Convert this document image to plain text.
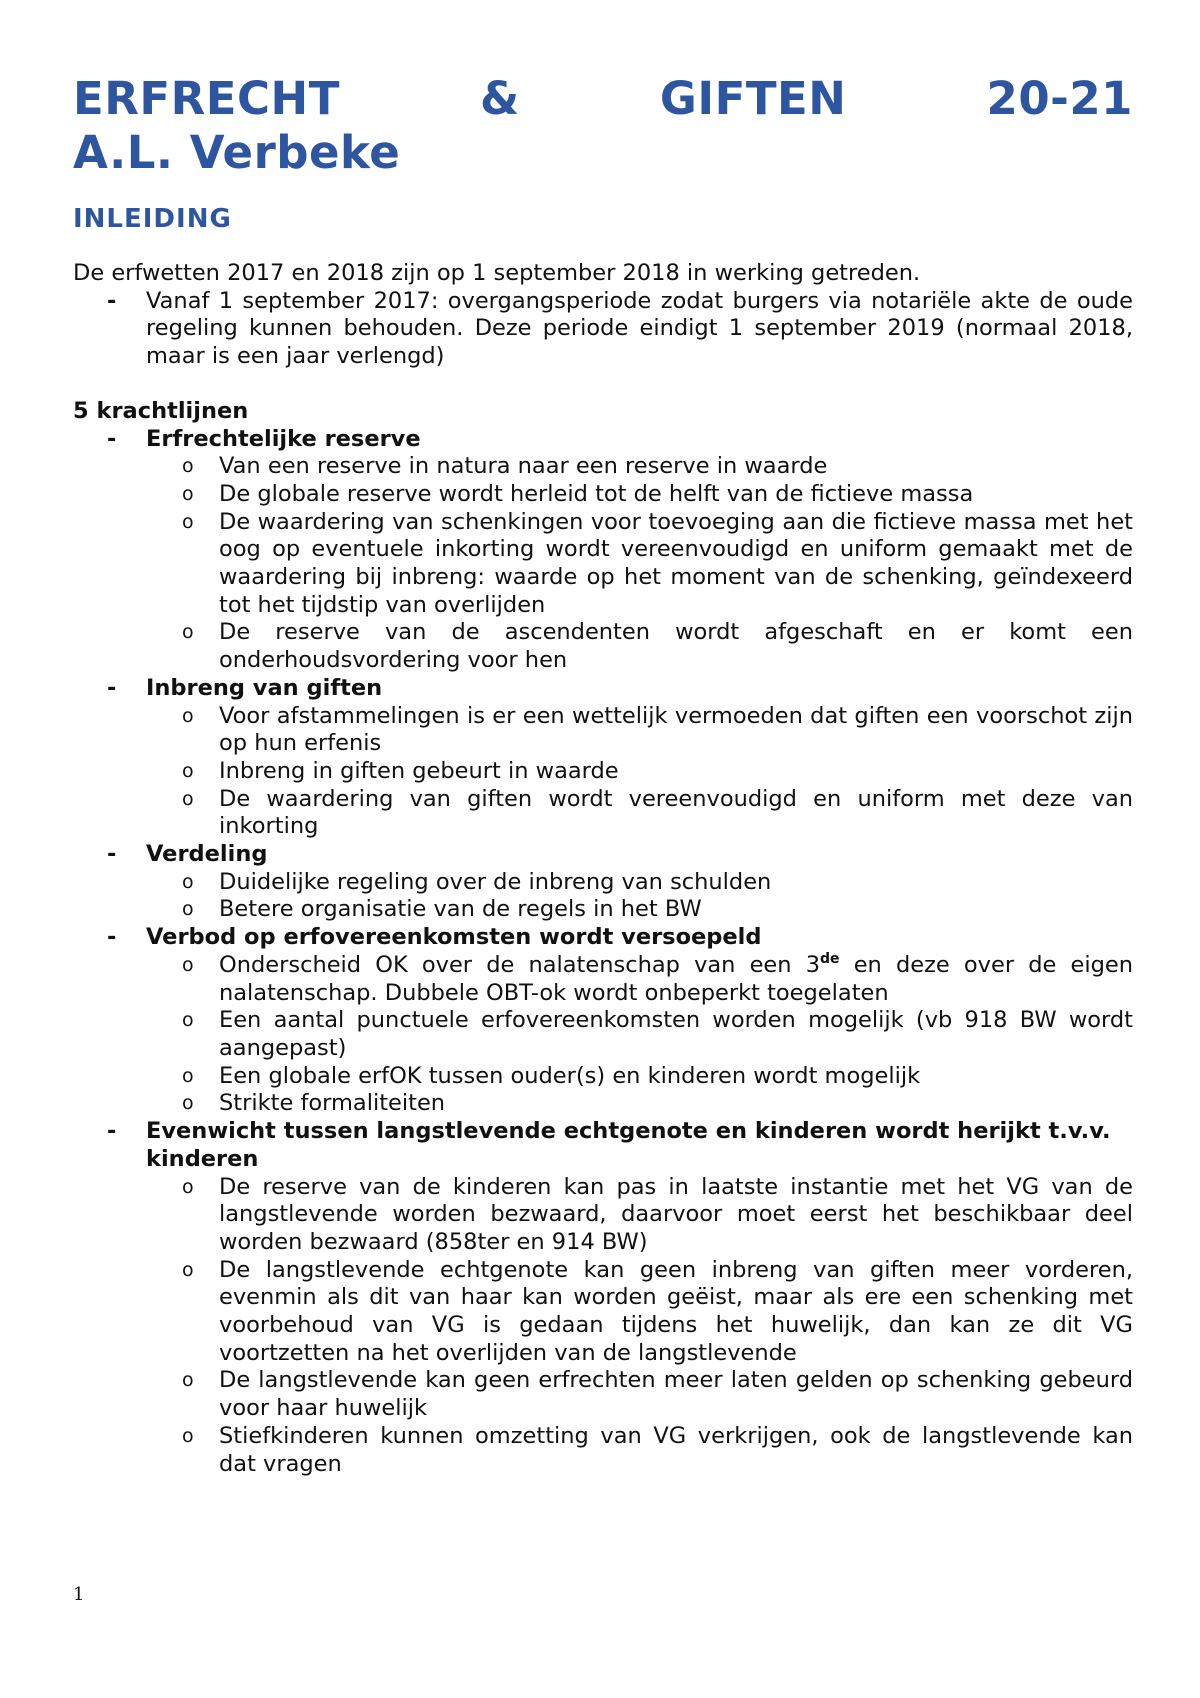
ERFRECHT	&	GIFTEN	20-21
A.L. Verbeke
INLEIDING

De erfwetten 2017 en 2018 zijn op 1 september 2018 in werking getreden.

-	Vanaf 1 september 2017: overgangsperiode zodat burgers via notariële akte de oude regeling kunnen behouden. Deze periode eindigt 1 september 2019 (normaal 2018, maar is een jaar verlengd)
5 krachtlijnen
-	Erfrechtelijke reserve
o	Van een reserve in natura naar een reserve in waarde
o	De globale reserve wordt herleid tot de helft van de fictieve massa
o	De waardering van schenkingen voor toevoeging aan die fictieve massa met het oog op eventuele inkorting wordt vereenvoudigd en uniform gemaakt met de waardering bij inbreng: waarde op het moment van de schenking, geïndexeerd tot het tijdstip van overlijden
o	De reserve van de ascendenten wordt afgeschaft en er komt een onderhoudsvordering voor hen
-	Inbreng van giften
o	Voor afstammelingen is er een wettelijk vermoeden dat giften een voorschot zijn op hun erfenis
o	Inbreng in giften gebeurt in waarde
o	De waardering van giften wordt vereenvoudigd en uniform met deze van inkorting
-	Verdeling
o	Duidelijke regeling over de inbreng van schulden
o	Betere organisatie van de regels in het BW
-	Verbod op erfovereenkomsten wordt versoepeld
o	Onderscheid OK over de nalatenschap van een 3de en deze over de eigen nalatenschap. Dubbele OBT-ok wordt onbeperkt toegelaten
o	Een aantal punctuele erfovereenkomsten worden mogelijk (vb 918 BW wordt aangepast)
o	Een globale erfOK tussen ouder(s) en kinderen wordt mogelijk
o	Strikte formaliteiten
-	Evenwicht tussen langstlevende echtgenote en kinderen wordt herijkt t.v.v. kinderen
o	De reserve van de kinderen kan pas in laatste instantie met het VG van de langstlevende worden bezwaard, daarvoor moet eerst het beschikbaar deel worden bezwaard (858ter en 914 BW)
o	De langstlevende echtgenote kan geen inbreng van giften meer vorderen, evenmin als dit van haar kan worden geëist, maar als ere een schenking met voorbehoud van VG is gedaan tijdens het huwelijk, dan kan ze dit VG voortzetten na het overlijden van de langstlevende
o	De langstlevende kan geen erfrechten meer laten gelden op schenking gebeurd voor haar huwelijk
o	Stiefkinderen kunnen omzetting van VG verkrijgen, ook de langstlevende kan dat vragen
1
